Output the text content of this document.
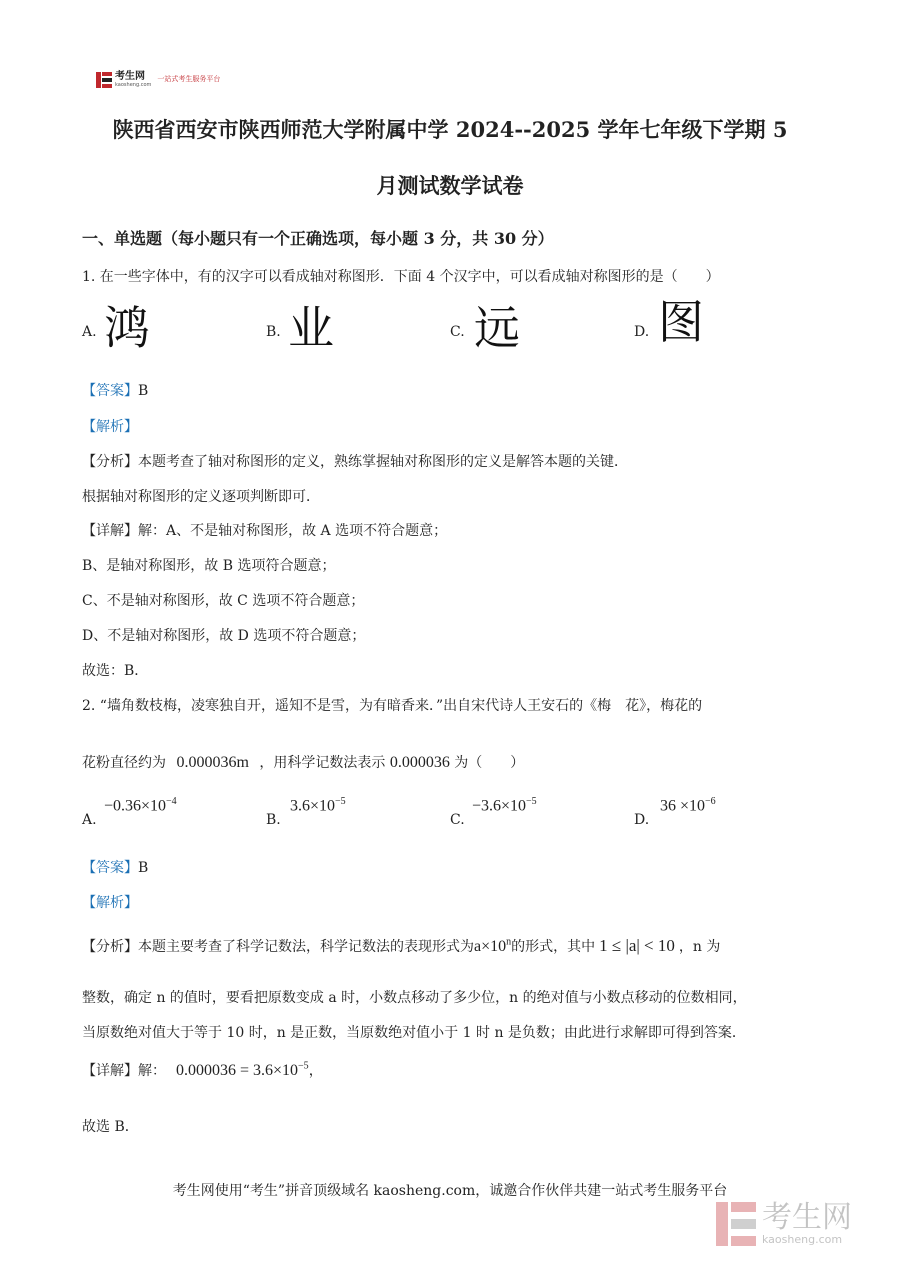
考生网
kaosheng.com
一站式考生服务平台
陕西省西安市陕西师范大学附属中学 2024--2025 学年七年级下学期 5
月测试数学试卷
一、单选题（每小题只有一个正确选项，每小题 3 分，共 30 分）
1. 在一些字体中，有的汉字可以看成轴对称图形．下面 4 个汉字中，可以看成轴对称图形的是（　　）
A. 鸿	B. 业	C. 远	D. 图
【答案】B
【解析】
【分析】本题考查了轴对称图形的定义，熟练掌握轴对称图形的定义是解答本题的关键．
根据轴对称图形的定义逐项判断即可．
【详解】解：A、不是轴对称图形，故 A 选项不符合题意；
B、是轴对称图形，故 B 选项符合题意；
C、不是轴对称图形，故 C 选项不符合题意；
D、不是轴对称图形，故 D 选项不符合题意；
故选：B．
2. “墙角数枝梅，凌寒独自开，遥知不是雪，为有暗香来．”出自宋代诗人王安石的《梅　花》，梅花的
花粉直径约为 0.000036m ，用科学记数法表示 0.000036 为（　　）
A.
$-0.36\times 10^{-4}$
B.
$3.6\times 10^{-5}$
C.
$-3.6\times 10^{-5}$
D.
$36 \times 10^{-6}$
【答案】B
【解析】
【分析】本题主要考查了科学记数法，科学记数法的表现形式为$a\times 10^n$的形式，其中 1 ≤ |a| < 10 ，n 为
整数，确定 n 的值时，要看把原数变成 a 时，小数点移动了多少位，n 的绝对值与小数点移动的位数相同，
当原数绝对值大于等于 10 时，n 是正数，当原数绝对值小于 1 时 n 是负数；由此进行求解即可得到答案．
【详解】解： $0.000036 = 3.6\times 10^{-5}$，
故选 B．
考生网使用“考生”拼音顶级域名 kaosheng.com，诚邀合作伙伴共建一站式考生服务平台
考生网
kaosheng.com
